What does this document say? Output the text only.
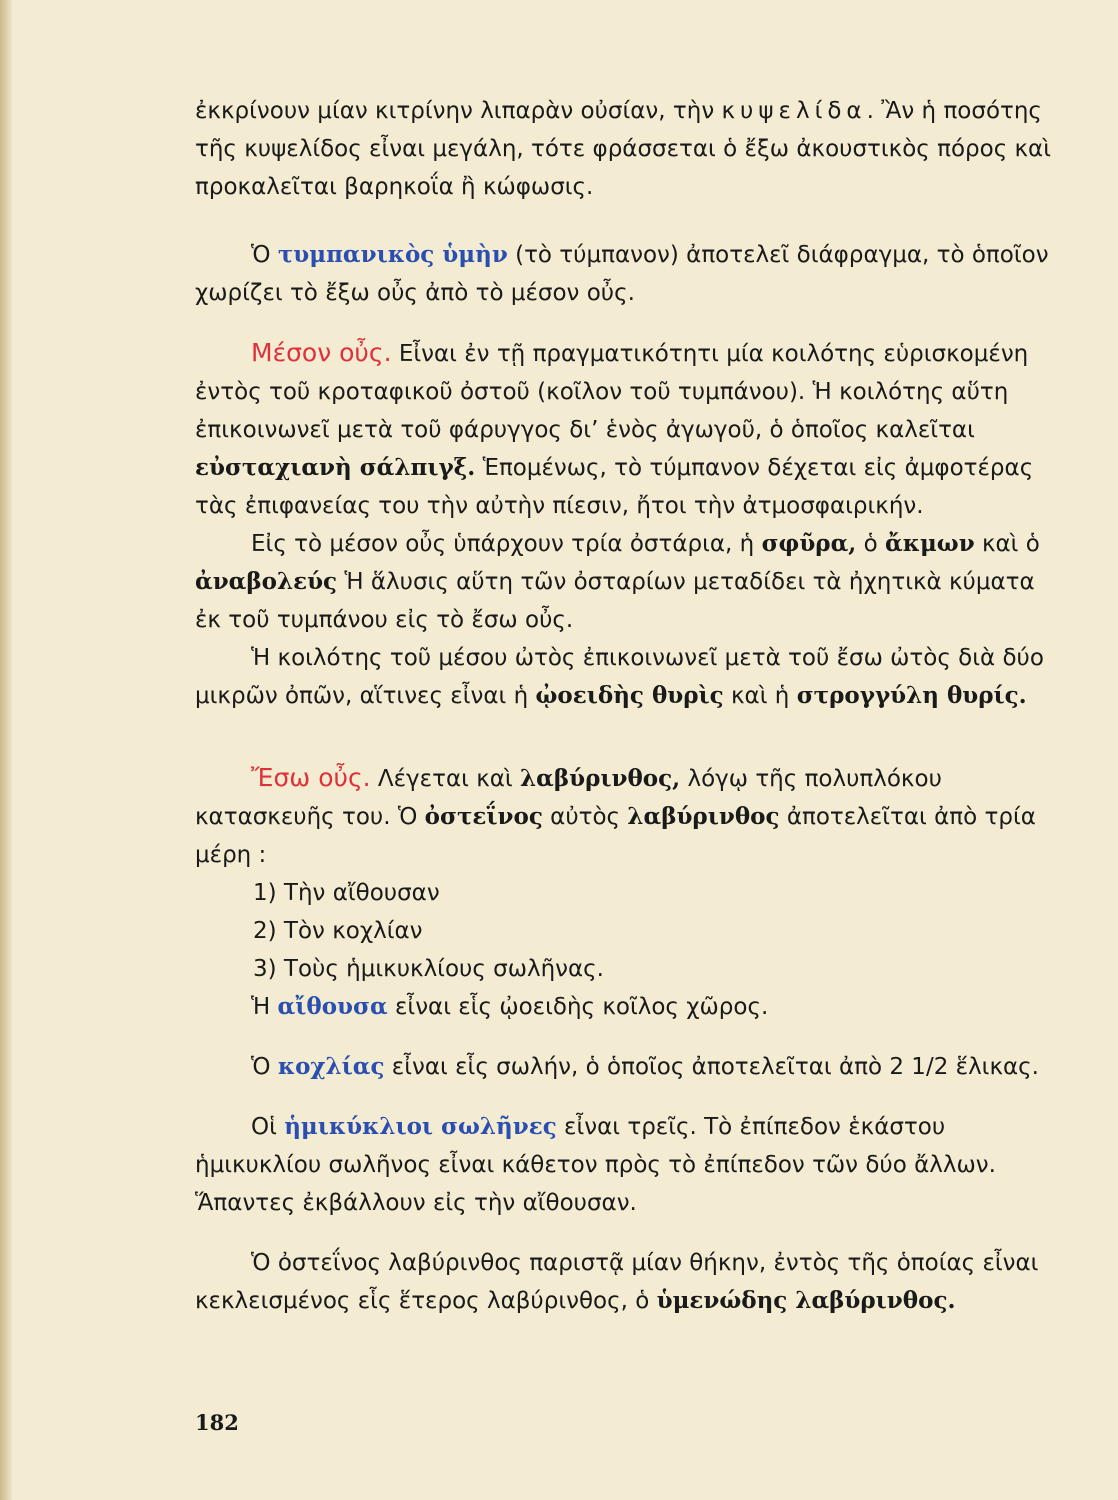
ἐκκρίνουν μίαν κιτρίνην λιπαρὰν οὐσίαν, τὴν κυψελίδα. Ἂν ἡ ποσότης τῆς κυψελίδος εἶναι μεγάλη, τότε φράσσεται ὁ ἔξω ἀκουστικὸς πόρος καὶ προκαλεῖται βαρηκοΐα ἢ κώφωσις.

Ὁ τυμπανικὸς ὑμὴν (τὸ τύμπανον) ἀποτελεῖ διάφραγμα, τὸ ὁποῖον χωρίζει τὸ ἔξω οὖς ἀπὸ τὸ μέσον οὖς.

Μέσον οὖς. Εἶναι ἐν τῇ πραγματικότητι μία κοιλότης εὑρισκομένη ἐντὸς τοῦ κροταφικοῦ ὀστοῦ (κοῖλον τοῦ τυμπάνου). Ἡ κοιλότης αὕτη ἐπικοινωνεῖ μετὰ τοῦ φάρυγγος δι’ ἑνὸς ἀγωγοῦ, ὁ ὁποῖος καλεῖται εὐσταχιανὴ σάλπιγξ. Ἑπομένως, τὸ τύμπανον δέχεται εἰς ἀμφοτέρας τὰς ἐπιφανείας του τὴν αὐτὴν πίεσιν, ἤτοι τὴν ἀτμοσφαιρικήν.

Εἰς τὸ μέσον οὖς ὑπάρχουν τρία ὀστάρια, ἡ σφῦρα, ὁ ἄκμων καὶ ὁ ἀναβολεύς Ἡ ἅλυσις αὕτη τῶν ὀσταρίων μεταδίδει τὰ ἠχητικὰ κύματα ἐκ τοῦ τυμπάνου εἰς τὸ ἔσω οὖς.

Ἡ κοιλότης τοῦ μέσου ὠτὸς ἐπικοινωνεῖ μετὰ τοῦ ἔσω ὠτὸς διὰ δύο μικρῶν ὀπῶν, αἵτινες εἶναι ἡ ᾠοειδὴς θυρὶς καὶ ἡ στρογγύλη θυρίς.

Ἔσω οὖς. Λέγεται καὶ λαβύρινθος, λόγῳ τῆς πολυπλόκου κατασκευῆς του. Ὁ ὀστεΐνος αὐτὸς λαβύρινθος ἀποτελεῖται ἀπὸ τρία μέρη :

1) Τὴν αἴθουσαν
2) Τὸν κοχλίαν
3) Τοὺς ἡμικυκλίους σωλῆνας.

Ἡ αἴθουσα εἶναι εἷς ᾠοειδὴς κοῖλος χῶρος.

Ὁ κοχλίας εἶναι εἷς σωλήν, ὁ ὁποῖος ἀποτελεῖται ἀπὸ 2 1/2 ἕλικας.

Οἱ ἡμικύκλιοι σωλῆνες εἶναι τρεῖς. Τὸ ἐπίπεδον ἑκάστου ἡμικυκλίου σωλῆνος εἶναι κάθετον πρὸς τὸ ἐπίπεδον τῶν δύο ἄλλων. Ἅπαντες ἐκβάλλουν εἰς τὴν αἴθουσαν.

Ὁ ὀστεΐνος λαβύρινθος παριστᾷ μίαν θήκην, ἐντὸς τῆς ὁποίας εἶναι κεκλεισμένος εἷς ἕτερος λαβύρινθος, ὁ ὑμενώδης λαβύρινθος.

182
